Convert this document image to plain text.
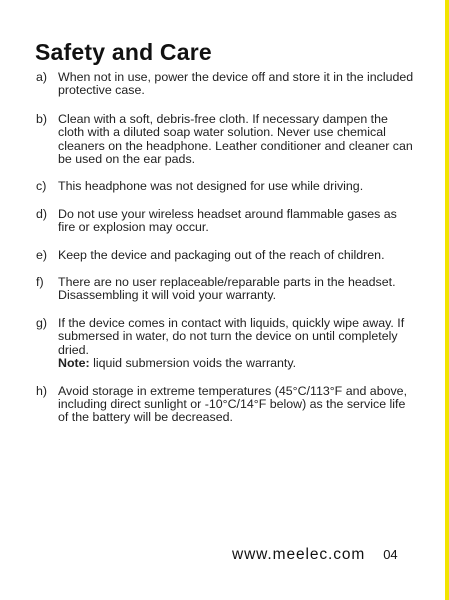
Safety and Care
a) When not in use, power the device off and store it in the included protective case.
b) Clean with a soft, debris-free cloth. If necessary dampen the cloth with a diluted soap water solution. Never use chemical cleaners on the headphone. Leather conditioner and cleaner can be used on the ear pads.
c) This headphone was not designed for use while driving.
d) Do not use your wireless headset around flammable gases as fire or explosion may occur.
e) Keep the device and packaging out of the reach of children.
f)	There are no user replaceable/reparable parts in the headset. Disassembling it will void your warranty.
g) If the device comes in contact with liquids, quickly wipe away. If submersed in water, do not turn the device on until completely dried.
Note: liquid submersion voids the warranty.
h) Avoid storage in extreme temperatures (45°C/113°F and above, including direct sunlight or -10°C/14°F below) as the service life of the battery will be decreased.
www.meelec.com 04
